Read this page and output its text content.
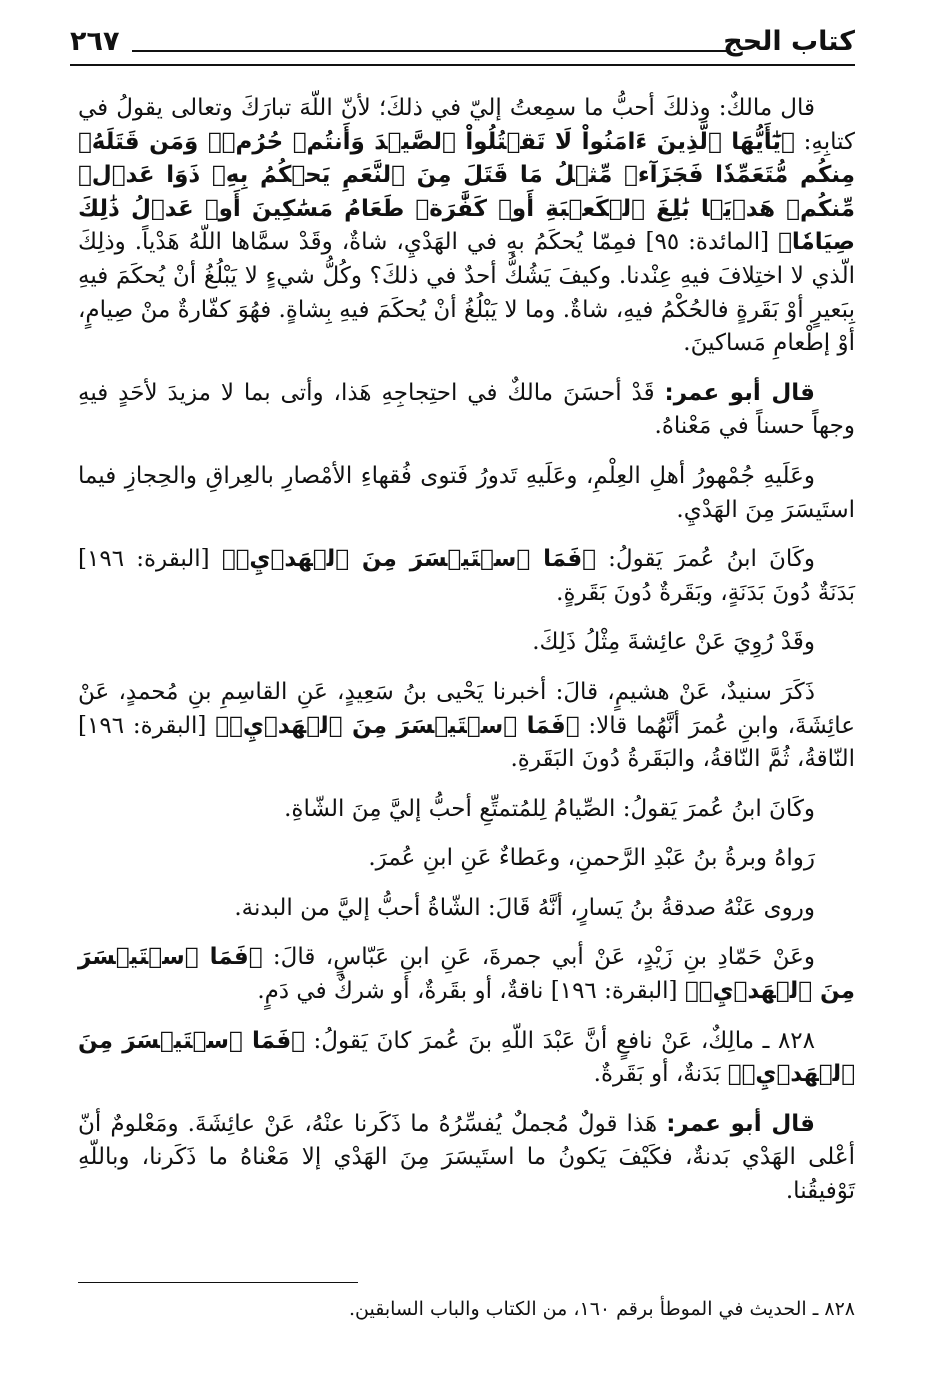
كتاب الحج
٢٦٧

قال مالكٌ: وذلكَ أحبُّ ما سمِعتُ إليّ في ذلكَ؛ لأنّ اللّهَ تبارَكَ وتعالى يقولُ في كتابِهِ: ﴿يَٰٓأَيُّهَا ٱلَّذِينَ ءَامَنُواْ لَا تَقۡتُلُواْ ٱلصَّيۡدَ وَأَنتُمۡ حُرُمٞۚ وَمَن قَتَلَهُۥ مِنكُم مُّتَعَمِّدٗا فَجَزَآءٞ مِّثۡلُ مَا قَتَلَ مِنَ ٱلنَّعَمِ يَحۡكُمُ بِهِۦ ذَوَا عَدۡلٖ مِّنكُمۡ هَدۡيَۢا بَٰلِغَ ٱلۡكَعۡبَةِ أَوۡ كَفَّٰرَةٞ طَعَامُ مَسَٰكِينَ أَوۡ عَدۡلُ ذَٰلِكَ صِيَامٗا﴾ [المائدة: ٩٥] فمِمّا يُحكَمُ بهِ في الهَدْيِ، شاةٌ، وقَدْ سمَّاها اللّهُ هَدْياً. وذلِكَ الّذي لا اختِلافَ فيهِ عِنْدنا. وكيفَ يَشُكُّ أحدٌ في ذلكَ؟ وكُلُّ شيءٍ لا يَبْلُغُ أنْ يُحكَمَ فيهِ بِبَعيرٍ أوْ بَقَرةٍ فالحُكْمُ فيهِ، شاةٌ. وما لا يَبْلُغُ أنْ يُحكَمَ فيهِ بِشاةٍ. فهُوَ كفّارةٌ منْ صِيامٍ، أوْ إطْعامِ مَساكينَ.

قال أبو عمر: قَدْ أحسَنَ مالكٌ في احتِجاجِهِ هَذا، وأتى بما لا مزيدَ لأحَدٍ فيهِ وجهاً حسناً في مَعْناهُ.

وعَلَيهِ جُمْهورُ أهلِ العِلْمِ، وعَلَيهِ تَدورُ فَتوى فُقهاءِ الأمْصارِ بالعِراقِ والحِجازِ فيما استَيسَرَ مِنَ الهَدْيِ.

وكَانَ ابنُ عُمرَ يَقولُ: ﴿فَمَا ٱسۡتَيۡسَرَ مِنَ ٱلۡهَدۡيِۖ﴾ [البقرة: ١٩٦] بَدَنَةٌ دُونَ بَدَنَةٍ، وبَقَرةٌ دُونَ بَقَرةٍ.

وقَدْ رُوِيَ عَنْ عائِشةَ مِثْلُ ذَلِكَ.

ذَكَرَ سنيدٌ، عَنْ هشيمٍ، قالَ: أخبرنا يَحْيى بنُ سَعِيدٍ، عَنِ القاسِمِ بنِ مُحمدٍ، عَنْ عائِشَةَ، وابنِ عُمرَ أنَّهُما قالا: ﴿فَمَا ٱسۡتَيۡسَرَ مِنَ ٱلۡهَدۡيِۖ﴾ [البقرة: ١٩٦] النّاقةُ، ثُمَّ النّاقةُ، والبَقَرةُ دُونَ البَقَرةِ.

وكَانَ ابنُ عُمرَ يَقولُ: الصِّيامُ لِلمُتمتِّعِ أحبُّ إليَّ مِنَ الشّاةِ.

رَواهُ وبرةُ بنُ عَبْدِ الرَّحمنِ، وعَطاءٌ عَنِ ابنِ عُمرَ.

وروى عَنْهُ صدقةُ بنُ يَسارٍ، أنَّهُ قَالَ: الشّاةُ أحبُّ إليَّ من البدنة.

وعَنْ حَمّادِ بنِ زَيْدٍ، عَنْ أبي جمرةَ، عَنِ ابنِ عَبّاسٍ، قالَ: ﴿فَمَا ٱسۡتَيۡسَرَ مِنَ ٱلۡهَدۡيِۖ﴾ [البقرة: ١٩٦] ناقةٌ، أو بقَرةٌ، أو شركٌ في دَمٍ.

٨٢٨ ـ مالِكٌ، عَنْ نافعٍ أنَّ عَبْدَ اللّهِ بنَ عُمرَ كانَ يَقولُ: ﴿فَمَا ٱسۡتَيۡسَرَ مِنَ ٱلۡهَدۡيِۖ﴾ بَدَنةٌ، أو بَقَرةٌ.

قال أبو عمر: هَذا قولٌ مُجملٌ يُفسِّرُهُ ما ذَكَرنا عنْهُ، عَنْ عائِشَةَ. ومَعْلومٌ أنّ أعْلى الهَدْي بَدنةٌ، فكَيْفَ يَكونُ ما استَيسَرَ مِنَ الهَدْي إلا مَعْناهُ ما ذَكَرنا، وباللّهِ تَوْفيقُنا.

٨٢٨ ـ الحديث في الموطأ برقم ١٦٠، من الكتاب والباب السابقين.
